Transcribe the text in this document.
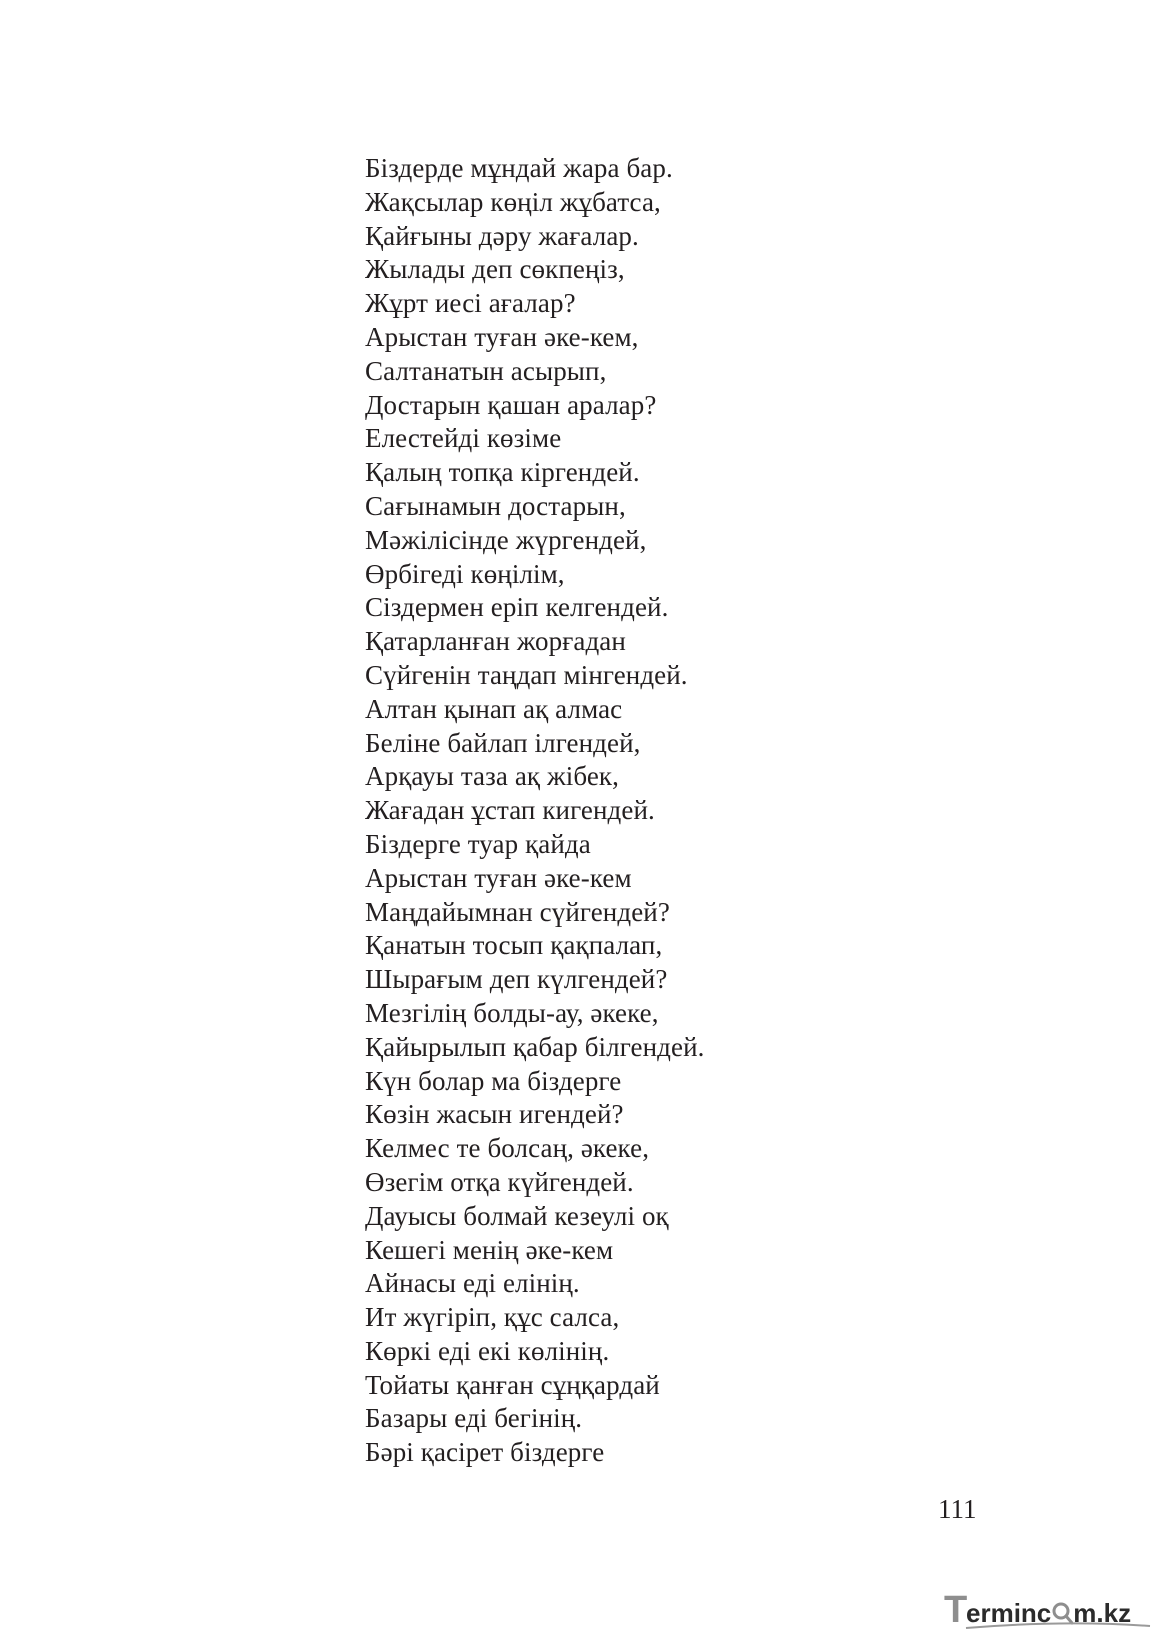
Біздерде мұндай жара бар.
Жақсылар көңіл жұбатса,
Қайғыны дәру жағалар.
Жылады деп сөкпеңіз,
Жұрт иесі ағалар?
Арыстан туған әке-кем,
Салтанатын асырып,
Достарын қашан аралар?
Елестейді көзіме
Қалың топқа кіргендей.
Сағынамын достарын,
Мәжілісінде жүргендей,
Өрбігеді көңілім,
Сіздермен еріп келгендей.
Қатарланған жорғадан
Сүйгенін таңдап мінгендей.
Алтан қынап ақ алмас
Беліне байлап ілгендей,
Арқауы таза ақ жібек,
Жағадан ұстап кигендей.
Біздерге туар қайда
Арыстан туған әке-кем
Маңдайымнан сүйгендей?
Қанатын тосып қақпалап,
Шырағым деп күлгендей?
Мезгілің болды-ау, әкеке,
Қайырылып қабар білгендей.
Күн болар ма біздерге
Көзін жасын игендей?
Келмес те болсаң, әкеке,
Өзегім отқа күйгендей.
Дауысы болмай кезеулі оқ
Кешегі менің әке-кем
Айнасы еді елінің.
Ит жүгіріп, құс салса,
Көркі еді екі көлінің.
Тойаты қанған сұңқардай
Базары еді бегінің.
Бәрі қасірет біздерге
111
T
erminc m.kz
